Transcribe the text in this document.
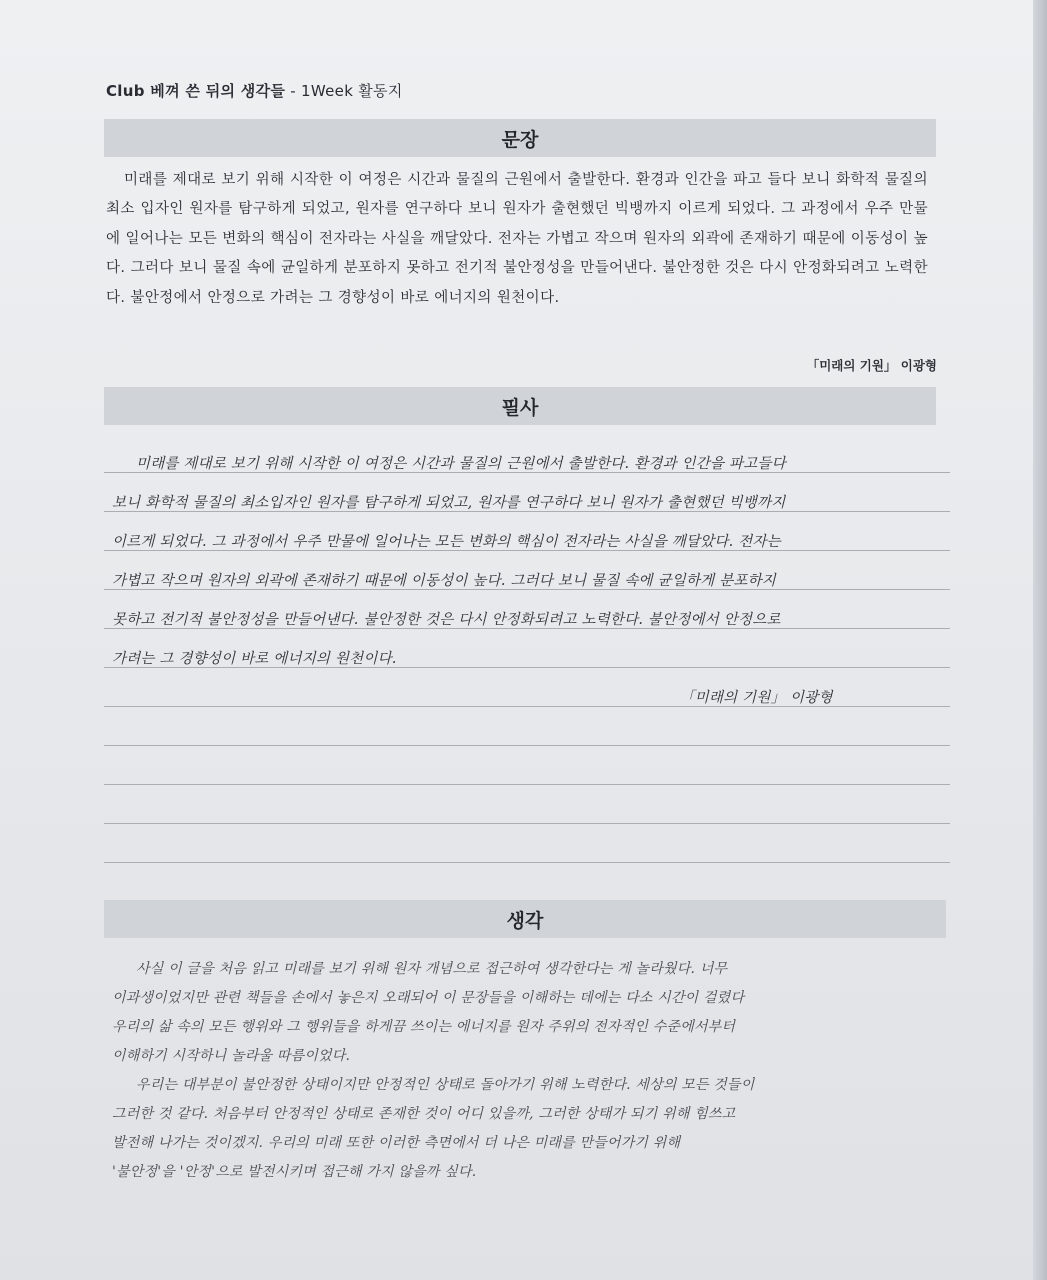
Club 베껴 쓴 뒤의 생각들 - 1Week 활동지
문장
미래를 제대로 보기 위해 시작한 이 여정은 시간과 물질의 근원에서 출발한다. 환경과 인간을 파고 들다 보니 화학적 물질의 최소 입자인 원자를 탐구하게 되었고, 원자를 연구하다 보니 원자가 출현했던 빅뱅까지 이르게 되었다. 그 과정에서 우주 만물에 일어나는 모든 변화의 핵심이 전자라는 사실을 깨달았다. 전자는 가볍고 작으며 원자의 외곽에 존재하기 때문에 이동성이 높다. 그러다 보니 물질 속에 균일하게 분포하지 못하고 전기적 불안정성을 만들어낸다. 불안정한 것은 다시 안정화되려고 노력한다. 불안정에서 안정으로 가려는 그 경향성이 바로 에너지의 원천이다.
「미래의 기원」 이광형
필사
미래를 제대로 보기 위해 시작한 이 여정은 시간과 물질의 근원에서 출발한다. 환경과 인간을 파고들다
보니 화학적 물질의 최소입자인 원자를 탐구하게 되었고, 원자를 연구하다 보니 원자가 출현했던 빅뱅까지
이르게 되었다. 그 과정에서 우주 만물에 일어나는 모든 변화의 핵심이 전자라는 사실을 깨달았다. 전자는
가볍고 작으며 원자의 외곽에 존재하기 때문에 이동성이 높다. 그러다 보니 물질 속에 균일하게 분포하지
못하고 전기적 불안정성을 만들어낸다. 불안정한 것은 다시 안정화되려고 노력한다. 불안정에서 안정으로
가려는 그 경향성이 바로 에너지의 원천이다.
「미래의 기원」 이광형
생각
사실 이 글을 처음 읽고 미래를 보기 위해 원자 개념으로 접근하여 생각한다는 게 놀라웠다. 너무
이과생이었지만 관련 책들을 손에서 놓은지 오래되어 이 문장들을 이해하는 데에는 다소 시간이 걸렸다
우리의 삶 속의 모든 행위와 그 행위들을 하게끔 쓰이는 에너지를 원자 주위의 전자적인 수준에서부터
이해하기 시작하니 놀라울 따름이었다.
우리는 대부분이 불안정한 상태이지만 안정적인 상태로 돌아가기 위해 노력한다. 세상의 모든 것들이
그러한 것 같다. 처음부터 안정적인 상태로 존재한 것이 어디 있을까, 그러한 상태가 되기 위해 힘쓰고
발전해 나가는 것이겠지. 우리의 미래 또한 이러한 측면에서 더 나은 미래를 만들어가기 위해
'불안정'을 '안정'으로 발전시키며 접근해 가지 않을까 싶다.
